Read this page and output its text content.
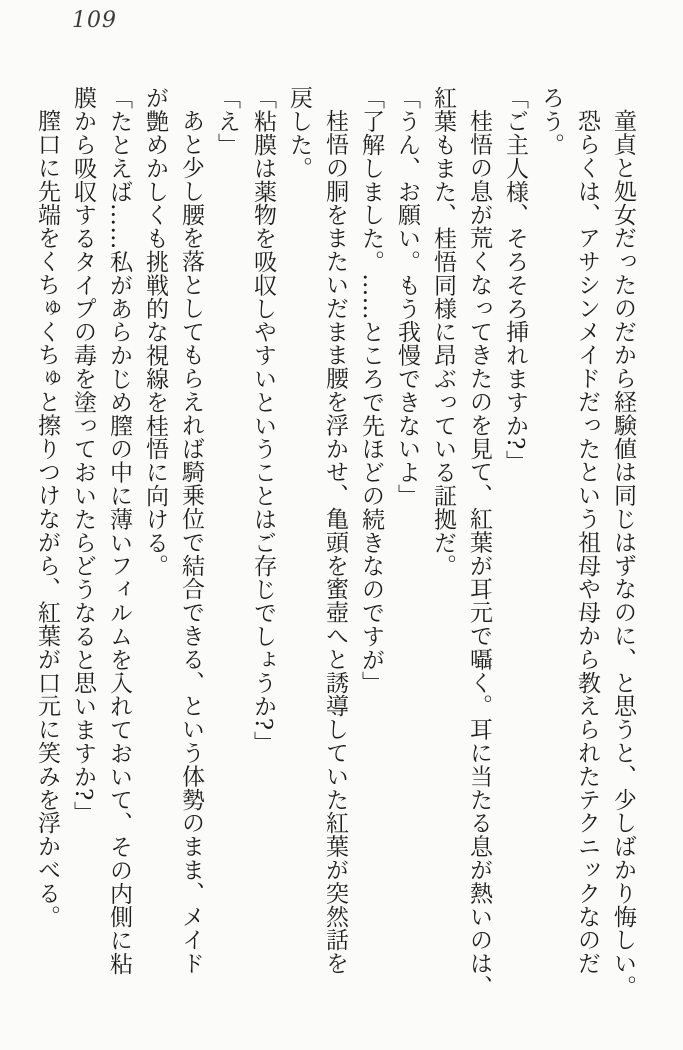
109
童貞と処女だったのだから経験値は同じはずなのに、と思うと、少しばかり悔しい。
恐らくは、アサシンメイドだったという祖母や母から教えられたテクニックなのだ
ろう。
「ご主人様、そろそろ挿れますか?」
桂悟の息が荒くなってきたのを見て、紅葉が耳元で囁く。耳に当たる息が熱いのは、
紅葉もまた、桂悟同様に昂ぶっている証拠だ。
「うん、お願い。もう我慢できないよ」
「了解しました。……ところで先ほどの続きなのですが」
桂悟の胴をまたいだまま腰を浮かせ、亀頭を蜜壺へと誘導していた紅葉が突然話を
戻した。
「粘膜は薬物を吸収しやすいということはご存じでしょうか?」
「え」
あと少し腰を落としてもらえれば騎乗位で結合できる、という体勢のまま、メイド
が艶めかしくも挑戦的な視線を桂悟に向ける。
「たとえば……私があらかじめ膣の中に薄いフィルムを入れておいて、その内側に粘
膜から吸収するタイプの毒を塗っておいたらどうなると思いますか?」
膣口に先端をくちゅくちゅと擦りつけながら、紅葉が口元に笑みを浮かべる。
